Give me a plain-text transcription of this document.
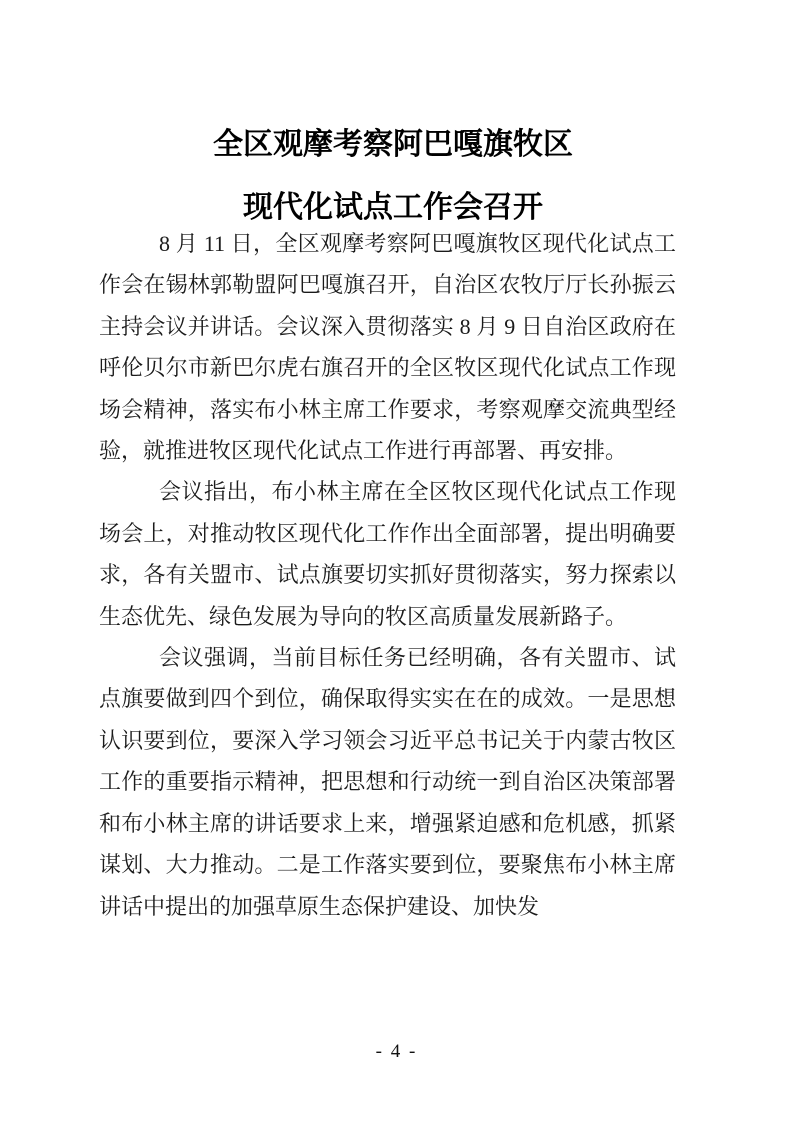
全区观摩考察阿巴嘎旗牧区
现代化试点工作会召开

8 月 11 日，全区观摩考察阿巴嘎旗牧区现代化试点工作会在锡林郭勒盟阿巴嘎旗召开，自治区农牧厅厅长孙振云主持会议并讲话。会议深入贯彻落实 8 月 9 日自治区政府在呼伦贝尔市新巴尔虎右旗召开的全区牧区现代化试点工作现场会精神，落实布小林主席工作要求，考察观摩交流典型经验，就推进牧区现代化试点工作进行再部署、再安排。

会议指出，布小林主席在全区牧区现代化试点工作现场会上，对推动牧区现代化工作作出全面部署，提出明确要求，各有关盟市、试点旗要切实抓好贯彻落实，努力探索以生态优先、绿色发展为导向的牧区高质量发展新路子。

会议强调，当前目标任务已经明确，各有关盟市、试点旗要做到四个到位，确保取得实实在在的成效。一是思想认识要到位，要深入学习领会习近平总书记关于内蒙古牧区工作的重要指示精神，把思想和行动统一到自治区决策部署和布小林主席的讲话要求上来，增强紧迫感和危机感，抓紧谋划、大力推动。二是工作落实要到位，要聚焦布小林主席讲话中提出的加强草原生态保护建设、加快发

- 4 -
